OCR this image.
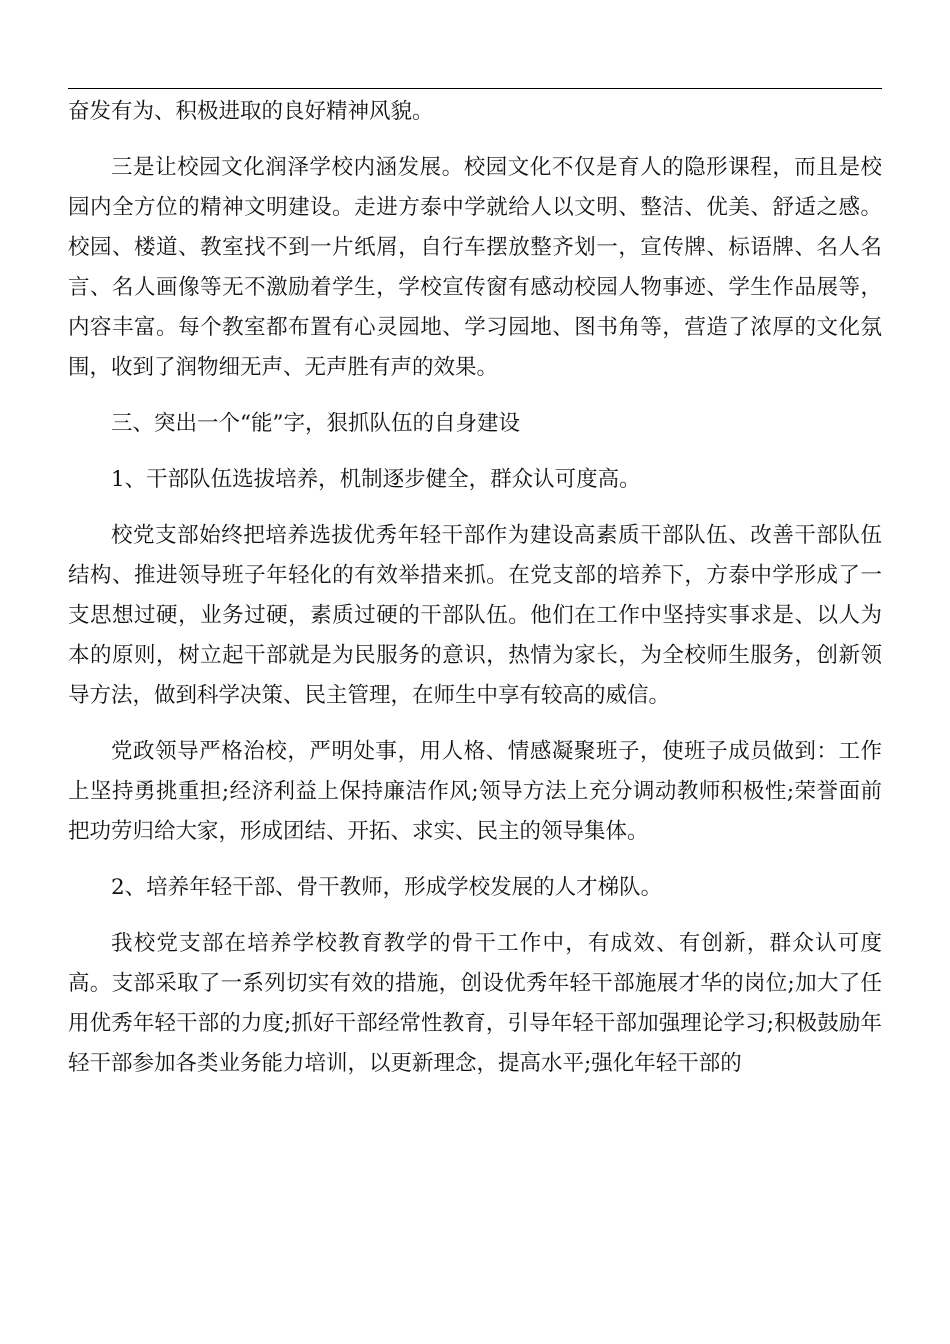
奋发有为、积极进取的良好精神风貌。

三是让校园文化润泽学校内涵发展。校园文化不仅是育人的隐形课程，而且是校园内全方位的精神文明建设。走进方泰中学就给人以文明、整洁、优美、舒适之感。校园、楼道、教室找不到一片纸屑，自行车摆放整齐划一，宣传牌、标语牌、名人名言、名人画像等无不激励着学生，学校宣传窗有感动校园人物事迹、学生作品展等，内容丰富。每个教室都布置有心灵园地、学习园地、图书角等，营造了浓厚的文化氛围，收到了润物细无声、无声胜有声的效果。

三、突出一个“能”字，狠抓队伍的自身建设

1、干部队伍选拔培养，机制逐步健全，群众认可度高。

校党支部始终把培养选拔优秀年轻干部作为建设高素质干部队伍、改善干部队伍结构、推进领导班子年轻化的有效举措来抓。在党支部的培养下，方泰中学形成了一支思想过硬，业务过硬，素质过硬的干部队伍。他们在工作中坚持实事求是、以人为本的原则，树立起干部就是为民服务的意识，热情为家长，为全校师生服务，创新领导方法，做到科学决策、民主管理，在师生中享有较高的威信。

党政领导严格治校，严明处事，用人格、情感凝聚班子，使班子成员做到：工作上坚持勇挑重担;经济利益上保持廉洁作风;领导方法上充分调动教师积极性;荣誉面前把功劳归给大家，形成团结、开拓、求实、民主的领导集体。

2、培养年轻干部、骨干教师，形成学校发展的人才梯队。

我校党支部在培养学校教育教学的骨干工作中，有成效、有创新，群众认可度高。支部采取了一系列切实有效的措施，创设优秀年轻干部施展才华的岗位;加大了任用优秀年轻干部的力度;抓好干部经常性教育，引导年轻干部加强理论学习;积极鼓励年轻干部参加各类业务能力培训，以更新理念，提高水平;强化年轻干部的
